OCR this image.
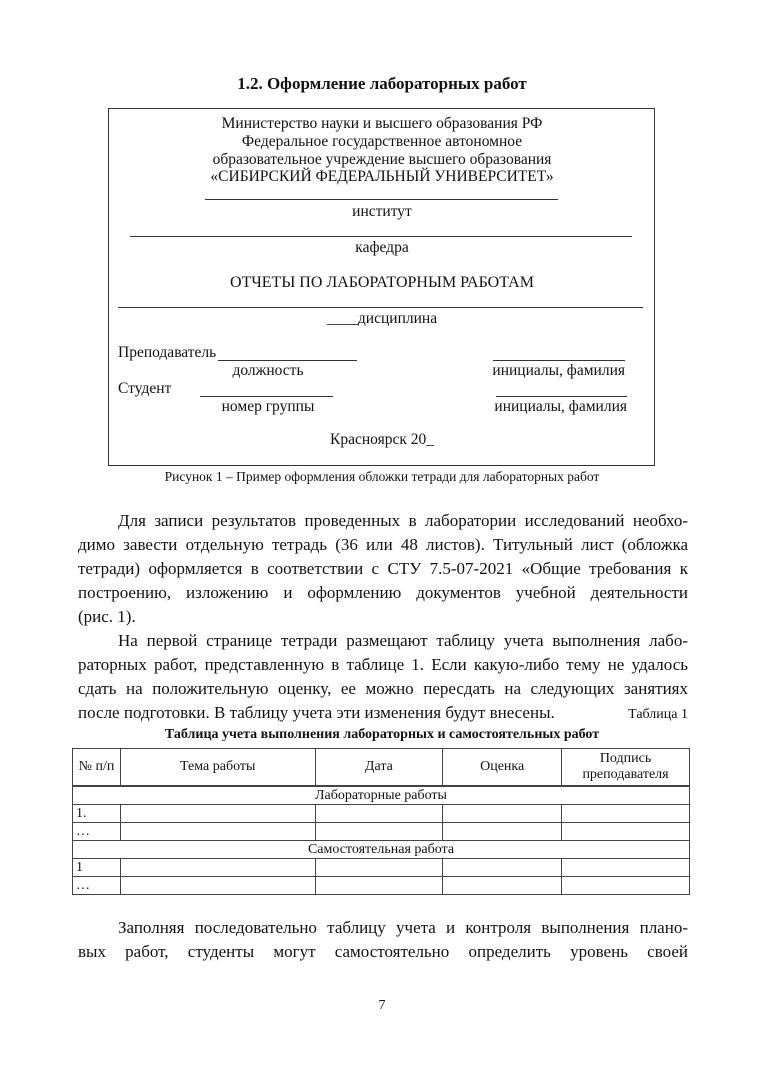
1.2. Оформление лабораторных работ
Министерство науки и высшего образования РФ
Федеральное государственное автономное
образовательное учреждение высшего образования
«СИБИРСКИЙ ФЕДЕРАЛЬНЫЙ УНИВЕРСИТЕТ»
институт
кафедра
ОТЧЕТЫ ПО ЛАБОРАТОРНЫМ РАБОТАМ
____дисциплина
Преподаватель
должность	инициалы, фамилия
Студент
номер группы	инициалы, фамилия
Красноярск 20_
Рисунок 1 – Пример оформления обложки тетради для лабораторных работ
Для записи результатов проведенных в лаборатории исследований необхо-
димо завести отдельную тетрадь (36 или 48 листов). Титульный лист (обложка
тетради) оформляется в соответствии с СТУ 7.5-07-2021 «Общие требования к
построению, изложению и оформлению документов учебной деятельности
(рис. 1).
На первой странице тетради размещают таблицу учета выполнения лабо-
раторных работ, представленную в таблице 1. Если какую-либо тему не удалось
сдать на положительную оценку, ее можно пересдать на следующих занятиях
после подготовки. В таблицу учета эти изменения будут внесены.	Таблица 1
Таблица учета выполнения лабораторных и самостоятельных работ
№ п/п	Тема работы	Дата	Оценка	Подпись преподавателя
Лабораторные работы				
1.				
…				
Самостоятельная работа				
1				
…				
Заполняя последовательно таблицу учета и контроля выполнения плано-
вых работ, студенты могут самостоятельно определить уровень своей
7
